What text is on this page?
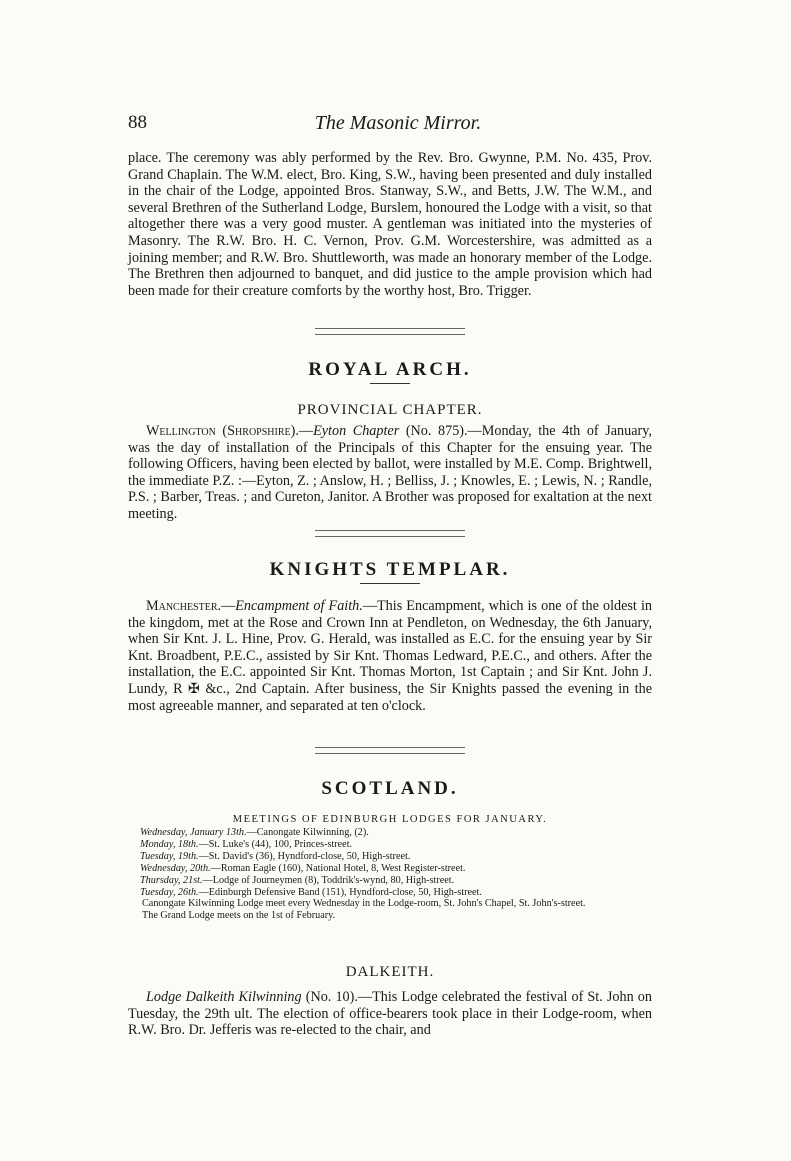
88	The Masonic Mirror.

place. The ceremony was ably performed by the Rev. Bro. Gwynne, P.M. No. 435, Prov. Grand Chaplain. The W.M. elect, Bro. King, S.W., having been presented and duly installed in the chair of the Lodge, appointed Bros. Stanway, S.W., and Betts, J.W. The W.M., and several Brethren of the Sutherland Lodge, Burslem, honoured the Lodge with a visit, so that altogether there was a very good muster. A gentleman was initiated into the mysteries of Masonry. The R.W. Bro. H. C. Vernon, Prov. G.M. Worcestershire, was admitted as a joining member; and R.W. Bro. Shuttleworth, was made an honorary member of the Lodge. The Brethren then adjourned to banquet, and did justice to the ample provision which had been made for their creature comforts by the worthy host, Bro. Trigger.

ROYAL ARCH.

PROVINCIAL CHAPTER.

Wellington (Shropshire).—Eyton Chapter (No. 875).—Monday, the 4th of January, was the day of installation of the Principals of this Chapter for the ensuing year. The following Officers, having been elected by ballot, were installed by M.E. Comp. Brightwell, the immediate P.Z. :—Eyton, Z. ; Anslow, H. ; Belliss, J. ; Knowles, E. ; Lewis, N. ; Randle, P.S. ; Barber, Treas. ; and Cureton, Janitor. A Brother was proposed for exaltation at the next meeting.

KNIGHTS TEMPLAR.

Manchester.—Encampment of Faith.—This Encampment, which is one of the oldest in the kingdom, met at the Rose and Crown Inn at Pendleton, on Wednesday, the 6th January, when Sir Knt. J. L. Hine, Prov. G. Herald, was installed as E.C. for the ensuing year by Sir Knt. Broadbent, P.E.C., assisted by Sir Knt. Thomas Ledward, P.E.C., and others. After the installation, the E.C. appointed Sir Knt. Thomas Morton, 1st Captain ; and Sir Knt. John J. Lundy, R ✠ &c., 2nd Captain. After business, the Sir Knights passed the evening in the most agreeable manner, and separated at ten o'clock.

SCOTLAND.

MEETINGS OF EDINBURGH LODGES FOR JANUARY.

Wednesday, January 13th.—Canongate Kilwinning, (2).

Monday, 18th.—St. Luke's (44), 100, Princes-street.

Tuesday, 19th.—St. David's (36), Hyndford-close, 50, High-street.

Wednesday, 20th.—Roman Eagle (160), National Hotel, 8, West Register-street.

Thursday, 21st.—Lodge of Journeymen (8), Toddrik's-wynd, 80, High-street.

Tuesday, 26th.—Edinburgh Defensive Band (151), Hyndford-close, 50, High-street.

Canongate Kilwinning Lodge meet every Wednesday in the Lodge-room, St. John's Chapel, St. John's-street.

The Grand Lodge meets on the 1st of February.

DALKEITH.

Lodge Dalkeith Kilwinning (No. 10).—This Lodge celebrated the festival of St. John on Tuesday, the 29th ult. The election of office-bearers took place in their Lodge-room, when R.W. Bro. Dr. Jefferis was re-elected to the chair, and
